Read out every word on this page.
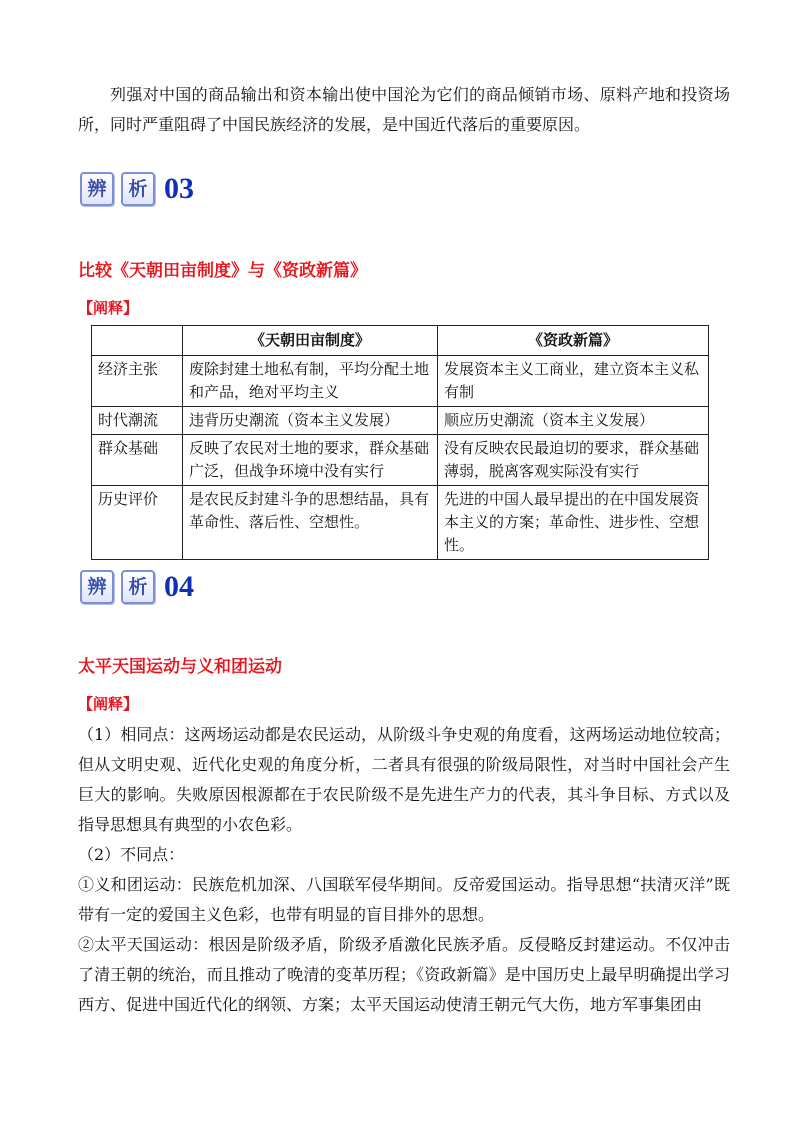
列强对中国的商品输出和资本输出使中国沦为它们的商品倾销市场、原料产地和投资场所，同时严重阻碍了中国民族经济的发展，是中国近代落后的重要原因。

辨	析 03
比较《天朝田亩制度》与《资政新篇》
【阐释】
	《天朝田亩制度》	《资政新篇》
经济主张	废除封建土地私有制，平均分配土地和产品，绝对平均主义	发展资本主义工商业，建立资本主义私有制
时代潮流	违背历史潮流（资本主义发展）	顺应历史潮流（资本主义发展）
群众基础	反映了农民对土地的要求，群众基础广泛，但战争环境中没有实行	没有反映农民最迫切的要求，群众基础薄弱，脱离客观实际没有实行
历史评价	是农民反封建斗争的思想结晶，具有革命性、落后性、空想性。	先进的中国人最早提出的在中国发展资本主义的方案；革命性、进步性、空想性。
辨	析 04
太平天国运动与义和团运动
【阐释】

（1）相同点：这两场运动都是农民运动，从阶级斗争史观的角度看，这两场运动地位较高；但从文明史观、近代化史观的角度分析，二者具有很强的阶级局限性，对当时中国社会产生巨大的影响。失败原因根源都在于农民阶级不是先进生产力的代表，其斗争目标、方式以及指导思想具有典型的小农色彩。

（2）不同点：

①义和团运动：民族危机加深、八国联军侵华期间。反帝爱国运动。指导思想“扶清灭洋”既带有一定的爱国主义色彩，也带有明显的盲目排外的思想。

②太平天国运动：根因是阶级矛盾，阶级矛盾激化民族矛盾。反侵略反封建运动。不仅冲击了清王朝的统治，而且推动了晚清的变革历程；《资政新篇》是中国历史上最早明确提出学习西方、促进中国近代化的纲领、方案；太平天国运动使清王朝元气大伤，地方军事集团由
